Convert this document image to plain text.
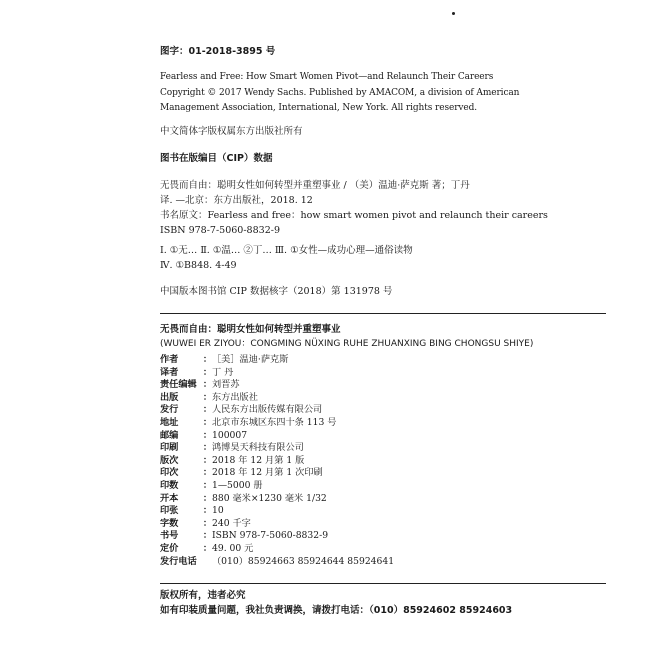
图字：01-2018-3895 号
Fearless and Free: How Smart Women Pivot—and Relaunch Their Careers
Copyright © 2017 Wendy Sachs. Published by AMACOM, a division of American
Management Association, International, New York. All rights reserved.
中文简体字版权属东方出版社所有
图书在版编目（CIP）数据
无畏而自由：聪明女性如何转型并重塑事业 / （美）温迪·萨克斯 著；丁丹
译. —北京：东方出版社，2018. 12
书名原文：Fearless and free：how smart women pivot and relaunch their careers
ISBN 978-7-5060-8832-9
Ⅰ. ①无… Ⅱ. ①温… ②丁… Ⅲ. ①女性—成功心理—通俗读物
Ⅳ. ①B848. 4-49
中国版本图书馆 CIP 数据核字（2018）第 131978 号
无畏而自由：聪明女性如何转型并重塑事业
(WUWEI ER ZIYOU：CONGMING NÜXING RUHE ZHUANXING BING CHONGSU SHIYE)
作者	： ［美］温迪·萨克斯
译者	： 丁 丹
责任编辑 ： 刘晋苏
出版	： 东方出版社
发行	： 人民东方出版传媒有限公司
地址	： 北京市东城区东四十条 113 号
邮编	： 100007
印刷	： 鸿博昊天科技有限公司
版次	： 2018 年 12 月第 1 版
印次	： 2018 年 12 月第 1 次印刷
印数	： 1—5000 册
开本	： 880 毫米×1230 毫米 1/32
印张	： 10
字数	： 240 千字
书号	： ISBN 978-7-5060-8832-9
定价	： 49. 00 元
发行电话 （010）85924663 85924644 85924641
版权所有，违者必究
如有印装质量问题，我社负责调换，请拨打电话：（010）85924602 85924603
